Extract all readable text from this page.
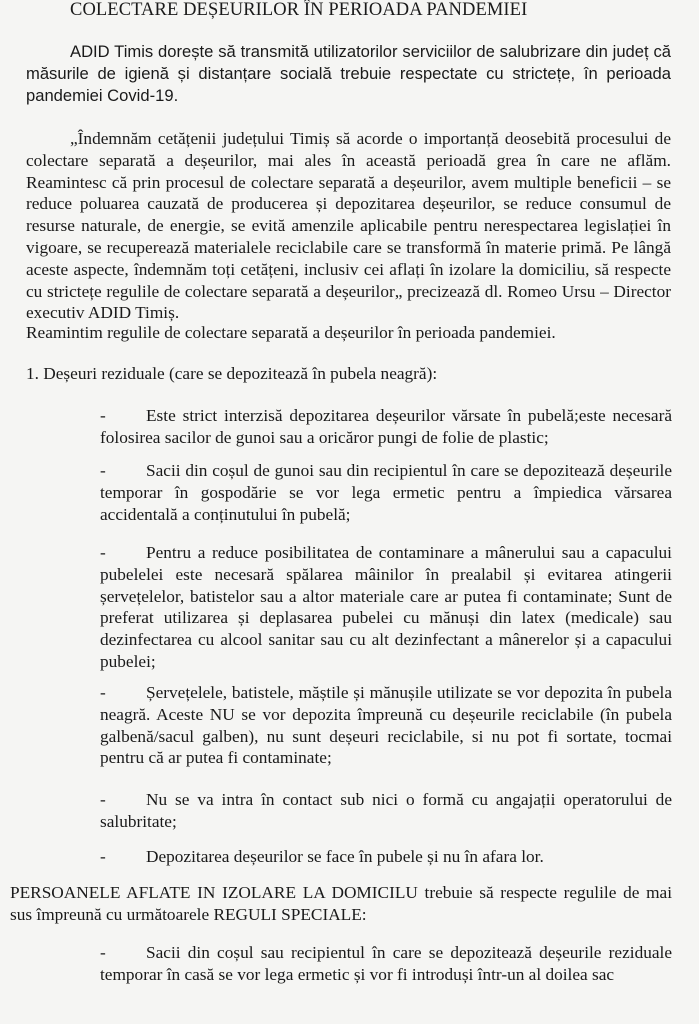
COLECTARE DEȘEURILOR ÎN PERIOADA PANDEMIEI
ADID Timis dorește să transmită utilizatorilor serviciilor de salubrizare din județ că măsurile de igienă și distanțare socială trebuie respectate cu strictețe, în perioada pandemiei Covid-19.
„Îndemnăm cetățenii județului Timiș să acorde o importanță deosebită procesului de colectare separată a deșeurilor, mai ales în această perioadă grea în care ne aflăm. Reamintesc că prin procesul de colectare separată a deșeurilor, avem multiple beneficii – se reduce poluarea cauzată de producerea și depozitarea deșeurilor, se reduce consumul de resurse naturale, de energie, se evită amenzile aplicabile pentru nerespectarea legislației în vigoare, se recuperează materialele reciclabile care se transformă în materie primă. Pe lângă aceste aspecte, îndemnăm toți cetățeni, inclusiv cei aflați în izolare la domiciliu, să respecte cu strictețe regulile de colectare separată a deșeurilor„ precizează dl. Romeo Ursu – Director executiv ADID Timiș.
Reamintim regulile de colectare separată a deșeurilor în perioada pandemiei.
1. Deșeuri reziduale (care se depozitează în pubela neagră):
- Este strict interzisă depozitarea deșeurilor vărsate în pubelă;este necesară folosirea sacilor de gunoi sau a oricăror pungi de folie de plastic;
- Sacii din coșul de gunoi sau din recipientul în care se depozitează deșeurile temporar în gospodărie se vor lega ermetic pentru a împiedica vărsarea accidentală a conținutului în pubelă;
- Pentru a reduce posibilitatea de contaminare a mânerului sau a capacului pubelelei este necesară spălarea mâinilor în prealabil și evitarea atingerii șervețelelor, batistelor sau a altor materiale care ar putea fi contaminate; Sunt de preferat utilizarea și deplasarea pubelei cu mănuși din latex (medicale) sau dezinfectarea cu alcool sanitar sau cu alt dezinfectant a mânerelor și a capacului pubelei;
- Șervețelele, batistele, măștile și mănușile utilizate se vor depozita în pubela neagră. Aceste NU se vor depozita împreună cu deșeurile reciclabile (în pubela galbenă/sacul galben), nu sunt deșeuri reciclabile, si nu pot fi sortate, tocmai pentru că ar putea fi contaminate;
- Nu se va intra în contact sub nici o formă cu angajații operatorului de salubritate;
- Depozitarea deșeurilor se face în pubele și nu în afara lor.
PERSOANELE AFLATE IN IZOLARE LA DOMICILU trebuie să respecte regulile de mai sus împreună cu următoarele REGULI SPECIALE:
- Sacii din coșul sau recipientul în care se depozitează deșeurile reziduale temporar în casă se vor lega ermetic și vor fi introduși într-un al doilea sac
